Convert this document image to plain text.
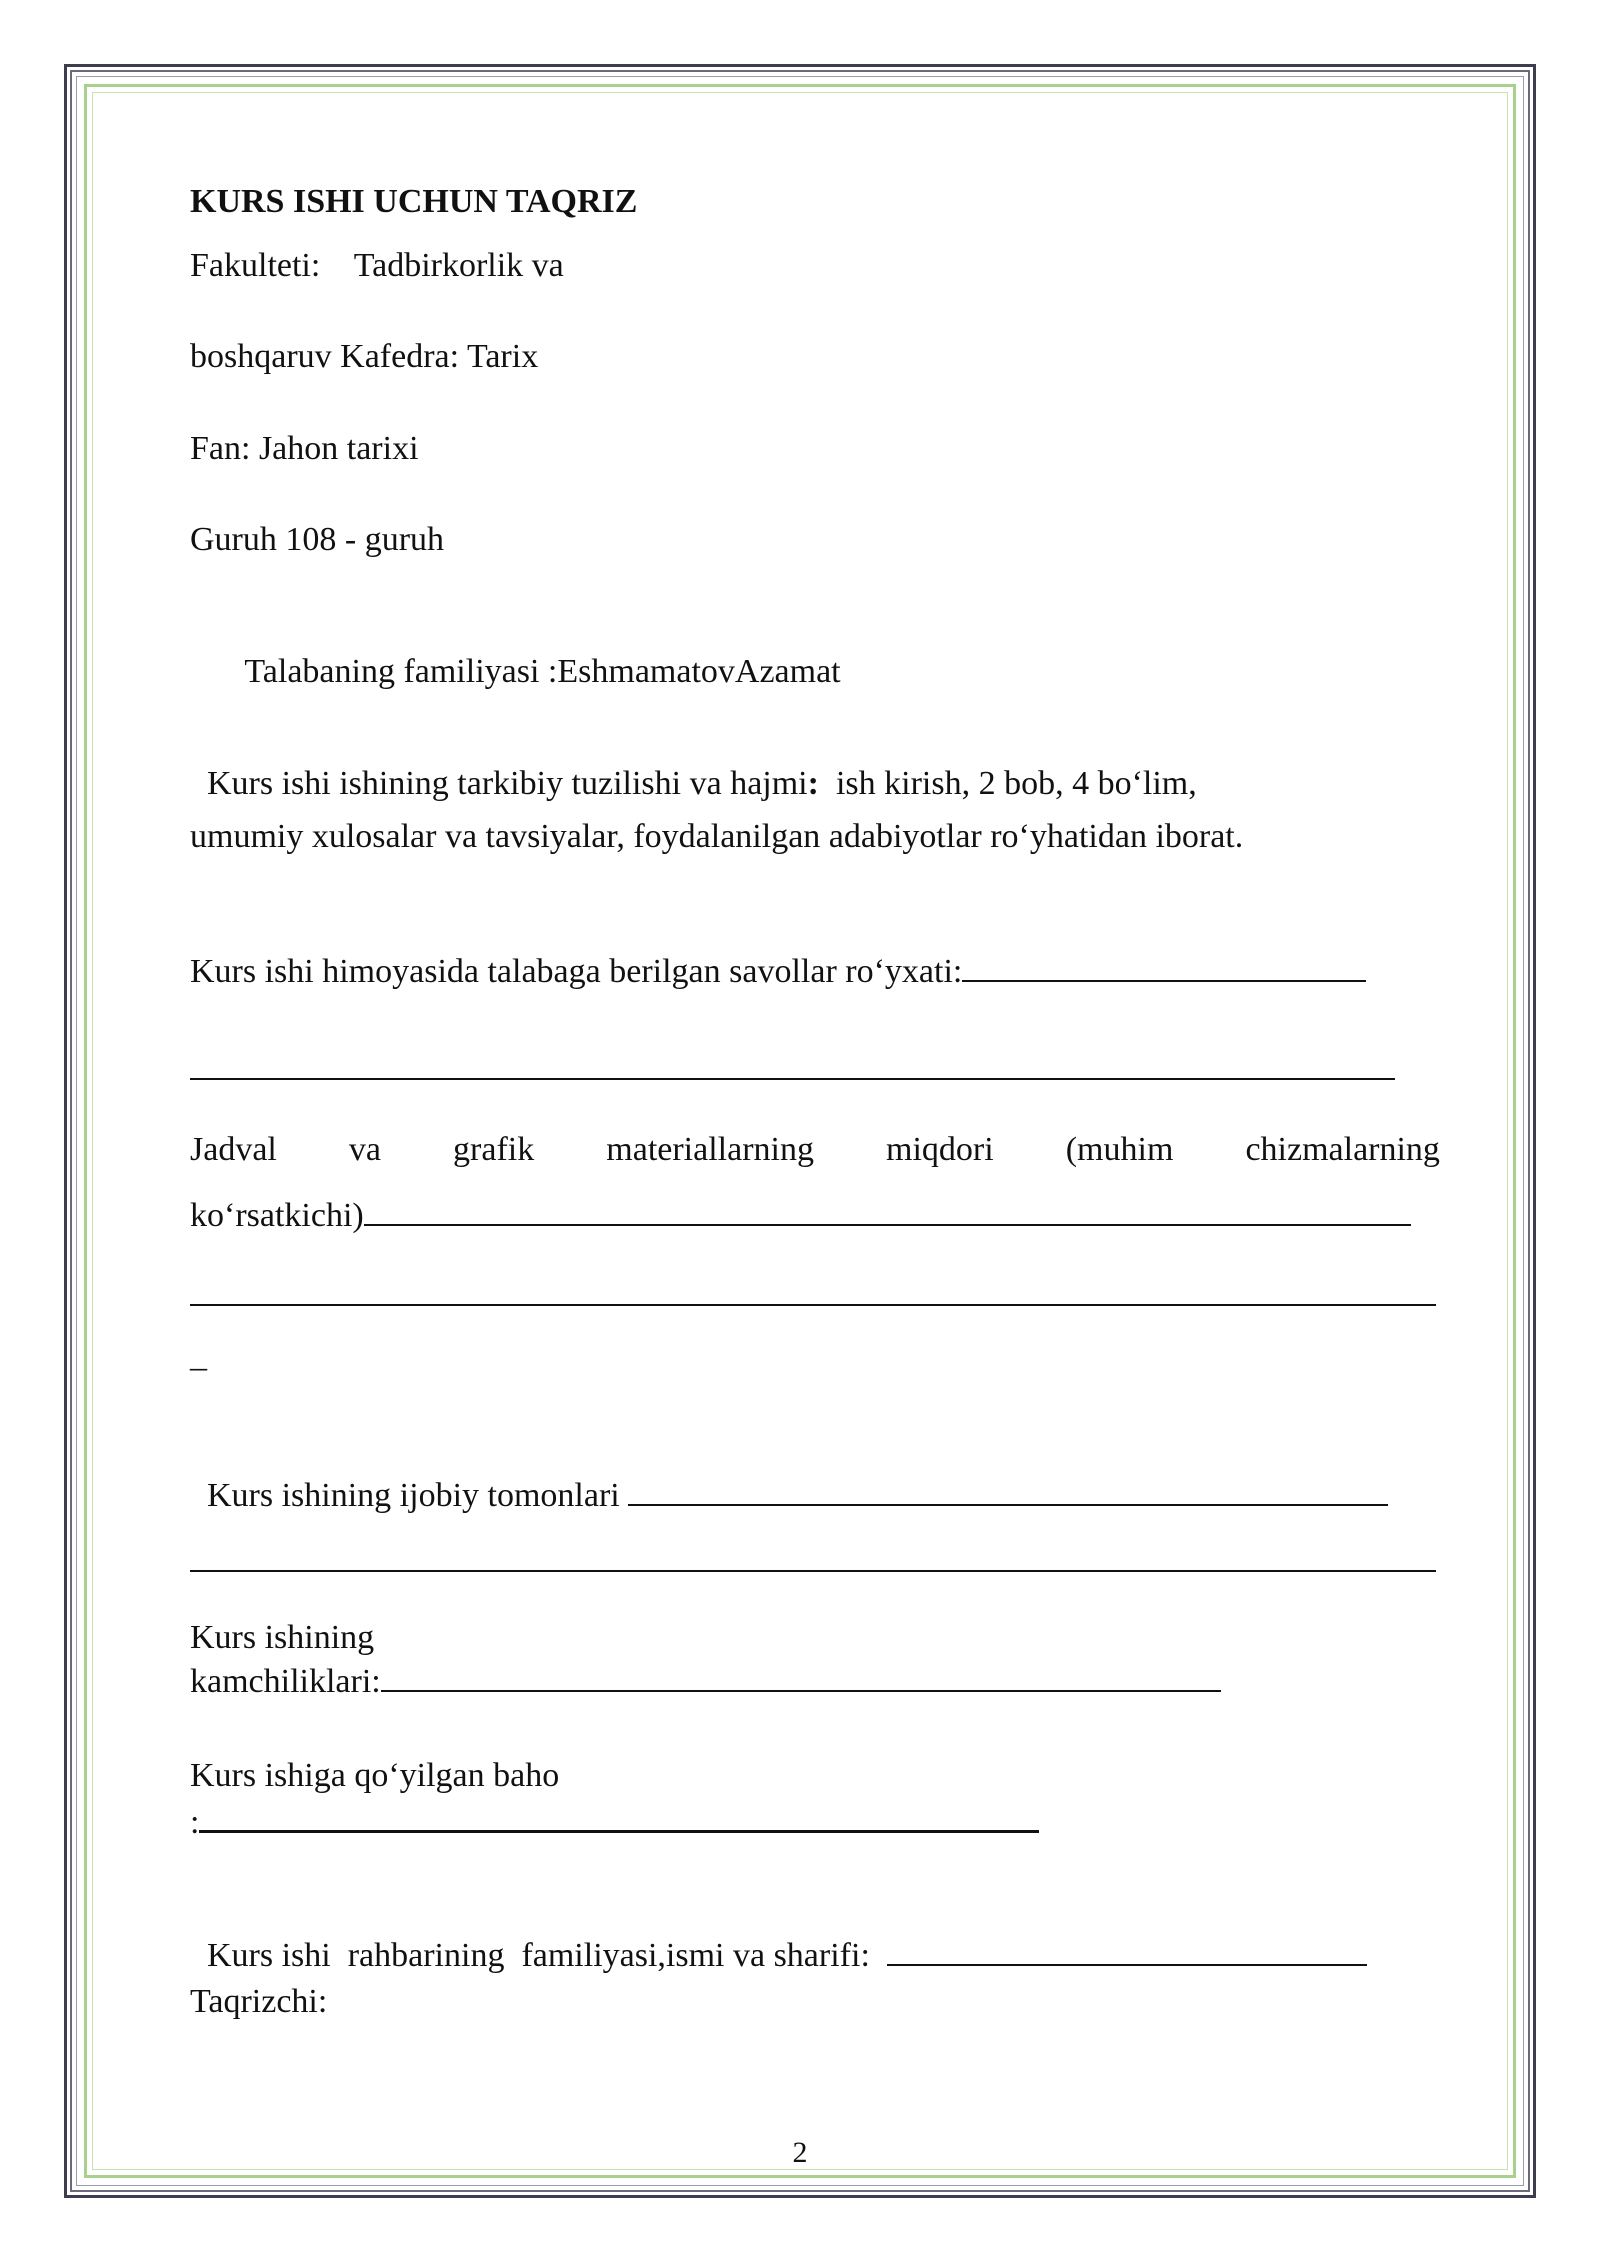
KURS ISHI UCHUN TAQRIZ
Fakulteti:    Tadbirkorlik va
boshqaruv Kafedra: Tarix
Fan: Jahon tarixi
Guruh 108 - guruh

Talabaning familiyasi :EshmamatovAzamat

Kurs ishi ishining tarkibiy tuzilishi va hajmi:  ish kirish, 2 bob, 4 bo‘lim,

umumiy xulosalar va tavsiyalar, foydalanilgan adabiyotlar ro‘yhatidan iborat.
Kurs ishi himoyasida talabaga berilgan savollar ro‘yxati:
Jadval va grafik materiallarning miqdori (muhim chizmalarning
ko‘rsatkichi)
_

Kurs ishining ijobiy tomonlari

Kurs ishining
kamchiliklari:
Kurs ishiga qo‘yilgan baho
:

Kurs ishi  rahbarining  familiyasi,ismi va sharifi:

Taqrizchi:
2
